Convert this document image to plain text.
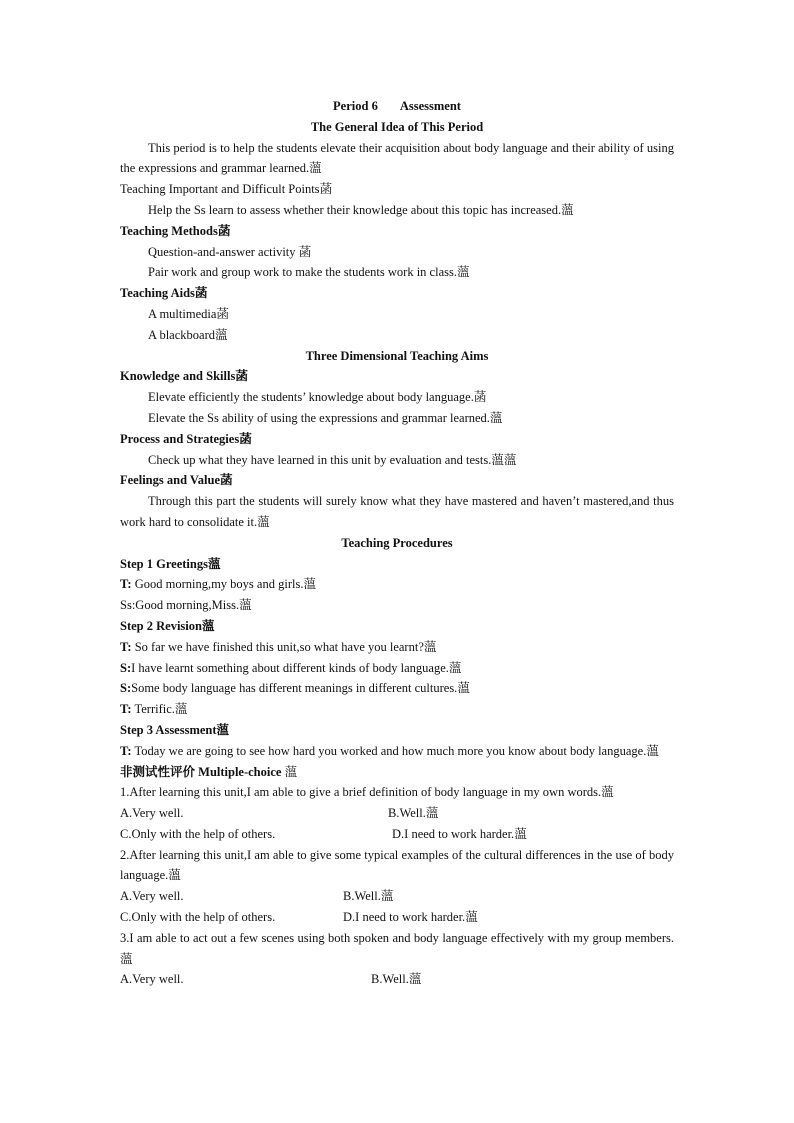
Period 6 Assessment
The General Idea of This Period
This period is to help the students elevate their acquisition about body language and their ability of using the expressions and grammar learned.薀
Teaching Important and Difficult Points菡
Help the Ss learn to assess whether their knowledge about this topic has increased.薀
Teaching Methods菡
Question-and-answer activity 菡
Pair work and group work to make the students work in class.薀
Teaching Aids菡
A multimedia菡
A blackboard薀
Three Dimensional Teaching Aims
Knowledge and Skills菡
Elevate efficiently the students’ knowledge about body language.菡
Elevate the Ss ability of using the expressions and grammar learned.薀
Process and Strategies菡
Check up what they have learned in this unit by evaluation and tests.薀薀
Feelings and Value菡
Through this part the students will surely know what they have mastered and haven’t mastered,and thus work hard to consolidate it.薀
Teaching Procedures
Step 1 Greetings薀
T: Good morning,my boys and girls.薀
Ss:Good morning,Miss.薀
Step 2 Revision薀
T: So far we have finished this unit,so what have you learnt?薀
S:I have learnt something about different kinds of body language.薀
S:Some body language has different meanings in different cultures.薀
T: Terrific.薀
Step 3 Assessment薀
T: Today we are going to see how hard you worked and how much more you know about body language.薀
非测试性评价 Multiple-choice 薀
1.After learning this unit,I am able to give a brief definition of body language in my own words.薀
A.Very well.	B.Well.薀
C.Only with the help of others.	D.I need to work harder.薀
2.After learning this unit,I am able to give some typical examples of the cultural differences in the use of body language.薀
A.Very well.	B.Well.薀
C.Only with the help of others.	D.I need to work harder.薀
3.I am able to act out a few scenes using both spoken and body language effectively with my group members.薀
A.Very well.	B.Well.薀
